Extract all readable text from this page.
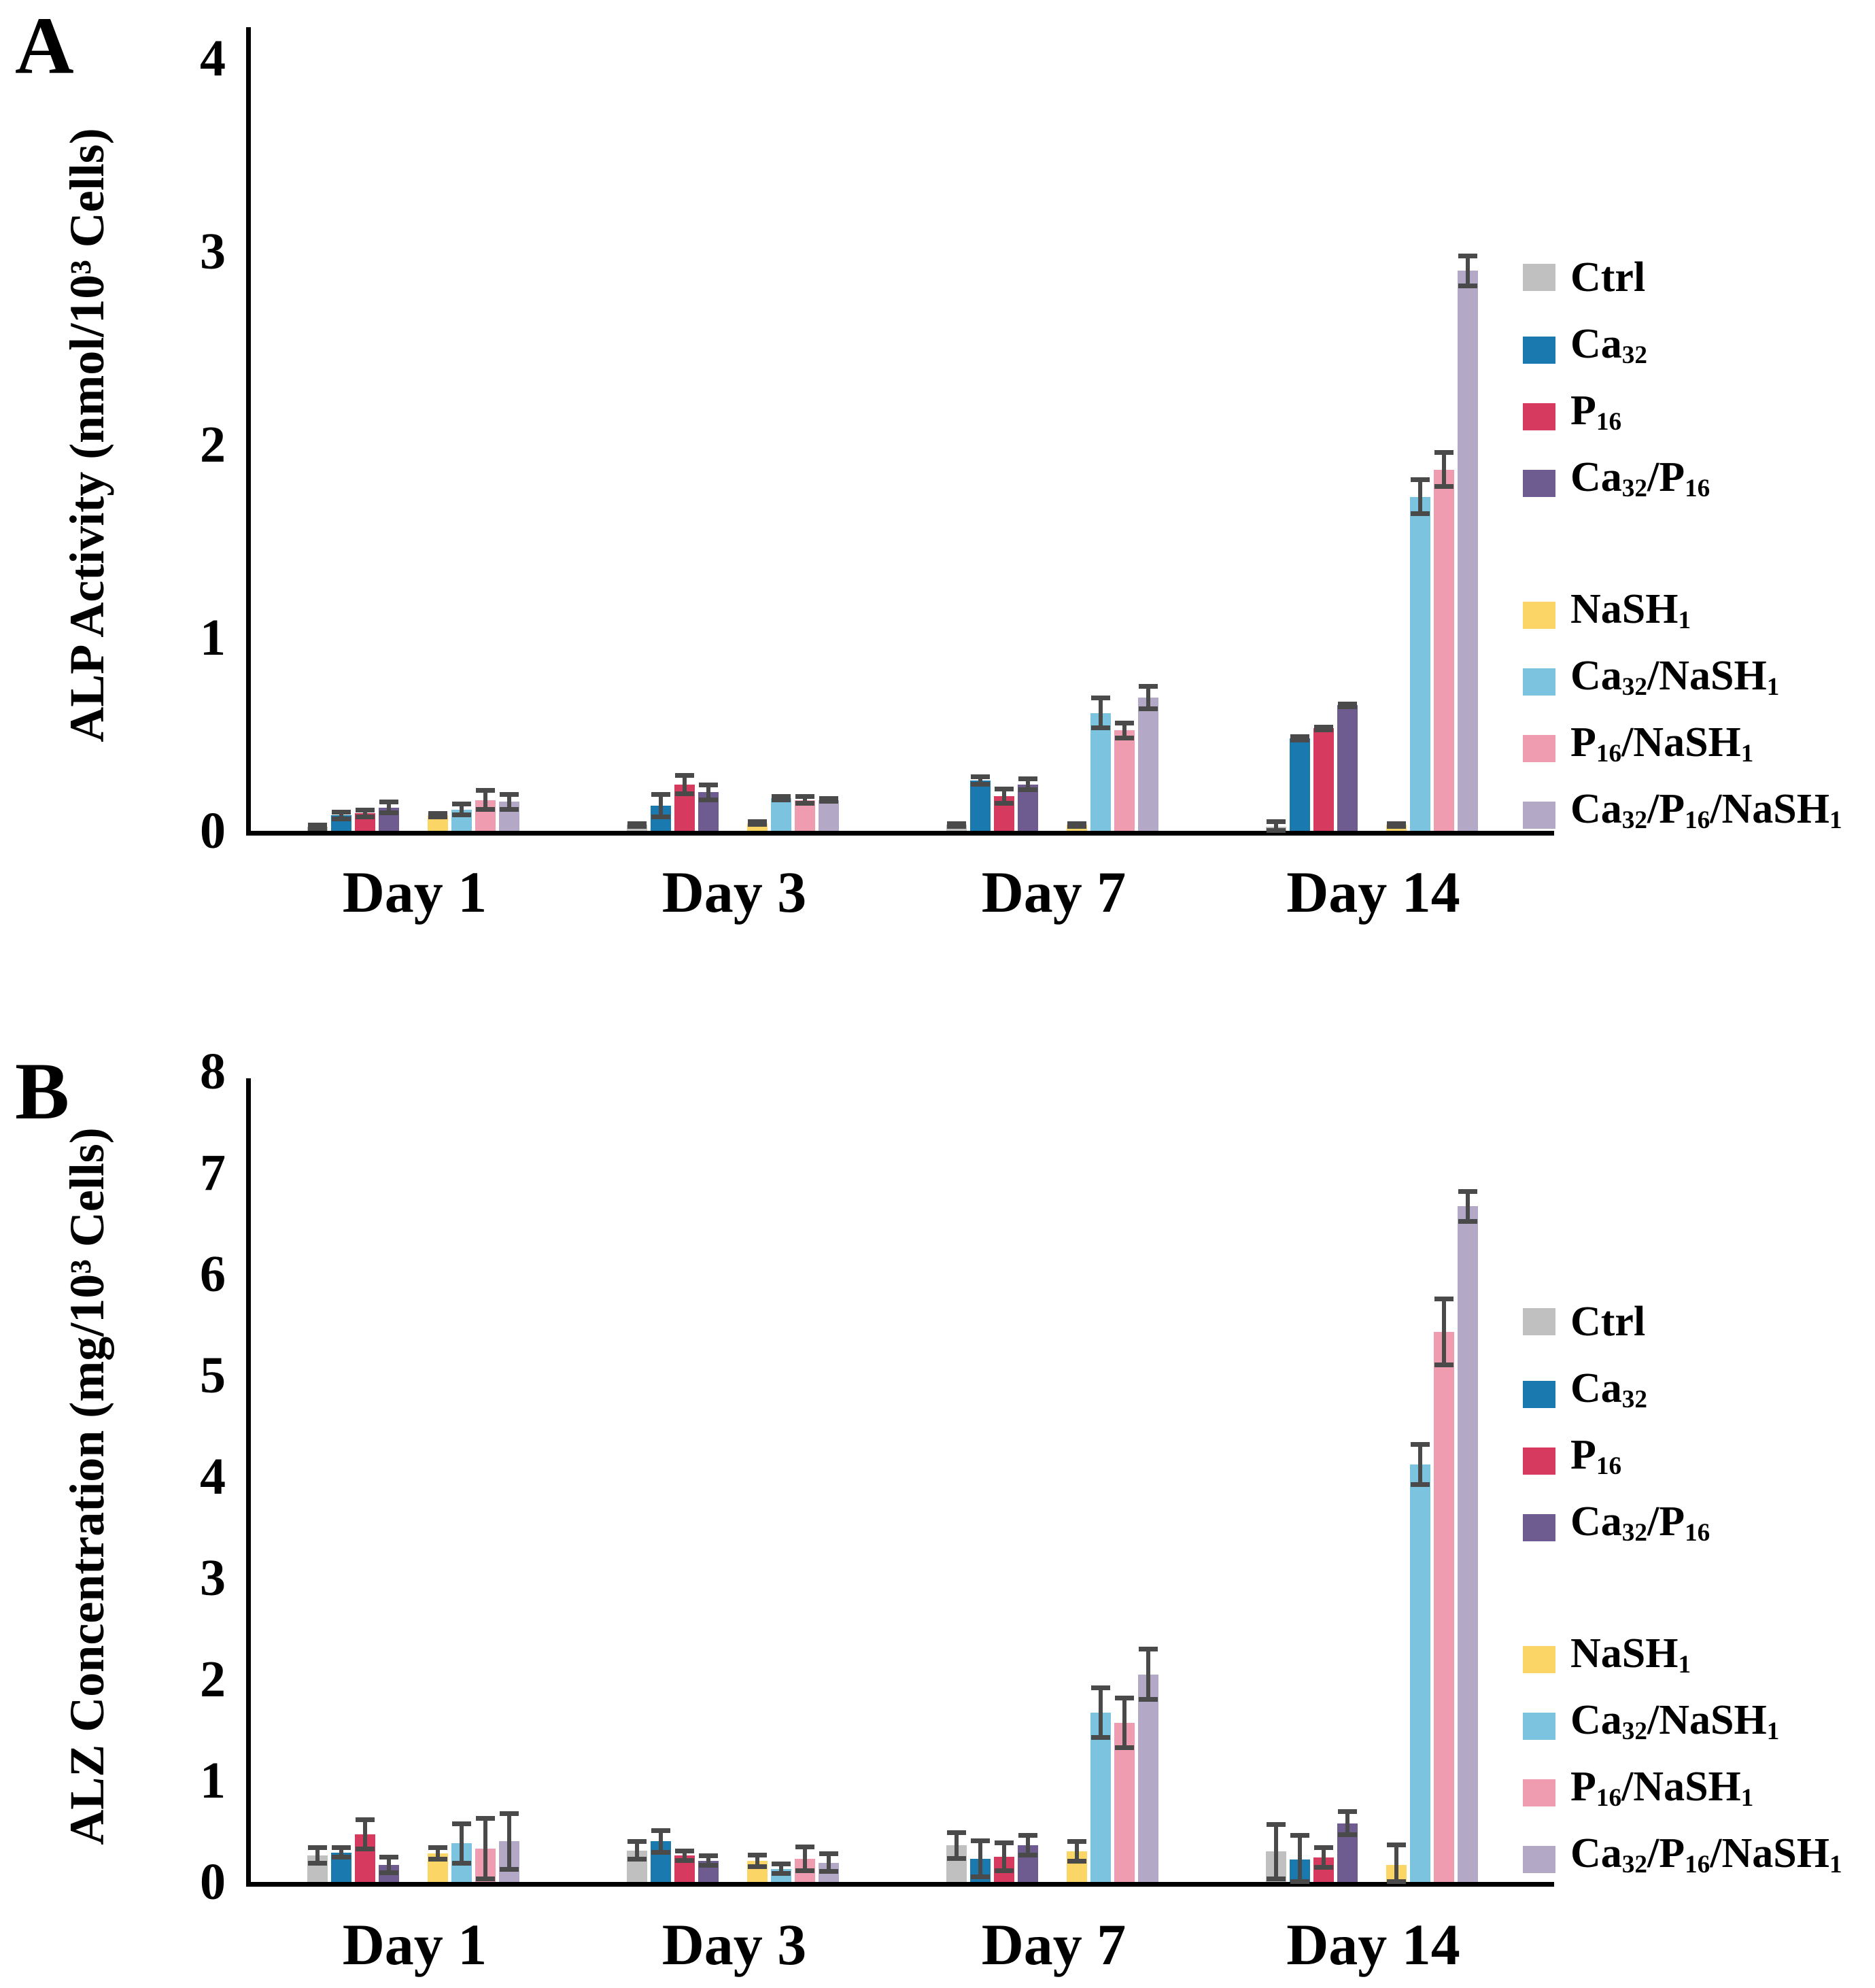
A
B
ALP Activity (nmol/10³ Cells)
ALZ Concentration (mg/10³ Cells)
0
1
2
3
4
Day 1	Day 3	Day 7	Day 14
Ctrl
$Ca_{32}$
$P_{16}$
$Ca_{32}/P_{16}$
NaSH$_1$
$Ca_{32}/NaSH_1$
$P_{16}/NaSH_1$
$Ca_{32}/P_{16}/NaSH_1$
0
1
2
3
4
5
6
7
8
Day 1	Day 3	Day 7	Day 14
Ctrl
$Ca_{32}$
$P_{16}$
$Ca_{32}/P_{16}$
NaSH$_1$
$Ca_{32}/NaSH_1$
$P_{16}/NaSH_1$
$Ca_{32}/P_{16}/NaSH_1$
